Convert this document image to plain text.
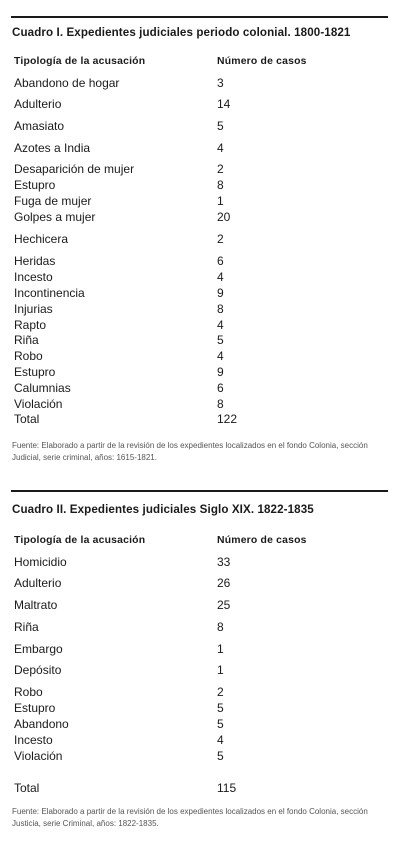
Cuadro I. Expedientes judiciales periodo colonial. 1800-1821
Tipología de la acusación	Número de casos
Abandono de hogar	3
Adulterio	14
Amasiato	5
Azotes a India	4
Desaparición de mujer	2
Estupro	8
Fuga de mujer	1
Golpes a mujer	20
Hechicera	2
Heridas	6
Incesto	4
Incontinencia	9
Injurias	8
Rapto	4
Riña	5
Robo	4
Estupro	9
Calumnias	6
Violación	8
Total	122
Fuente: Elaborado a partir de la revisión de los expedientes localizados en el fondo Colonia, sección Judicial, serie criminal, años: 1615-1821.
Cuadro II. Expedientes judiciales Siglo XIX. 1822-1835
Tipología de la acusación	Número de casos
Homicidio	33
Adulterio	26
Maltrato	25
Riña	8
Embargo	1
Depósito	1
Robo	2
Estupro	5
Abandono	5
Incesto	4
Violación	5
Total	115
Fuente: Elaborado a partir de la revisión de los expedientes localizados en el fondo Colonia, sección Justicia, serie Criminal, años: 1822-1835.
